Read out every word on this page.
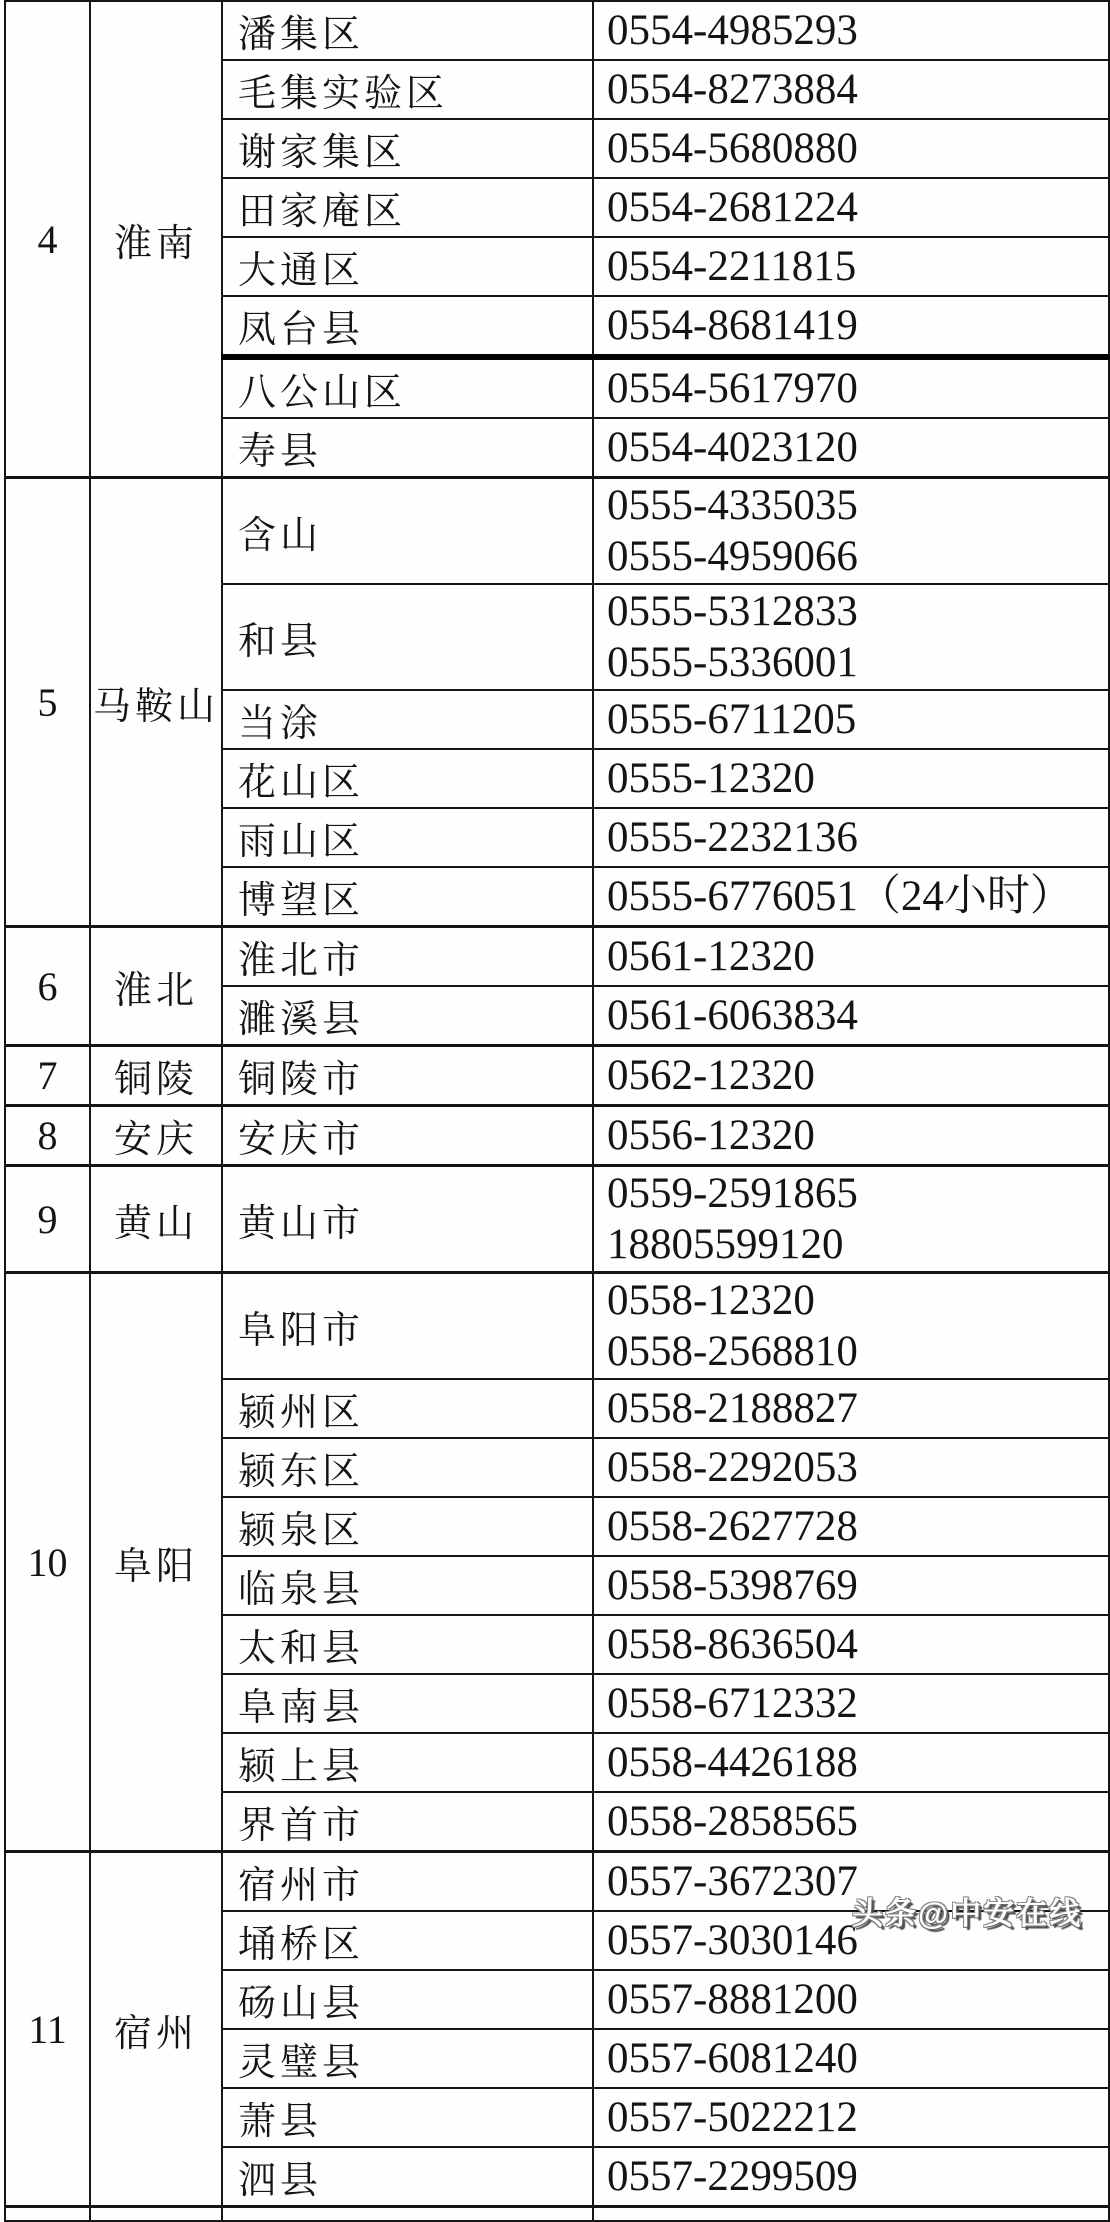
4	淮南	潘集区	0554-4985293

		毛集实验区	0554-8273884

		谢家集区	0554-5680880

		田家庵区	0554-2681224

		大通区	0554-2211815

		凤台县	0554-8681419

		八公山区	0554-5617970

		寿县	0554-4023120

5	马鞍山	含山	0555-4335035
0555-4959066

		和县	0555-5312833
0555-5336001

		当涂	0555-6711205

		花山区	0555-12320

		雨山区	0555-2232136

		博望区	0555-6776051（24小时）

6	淮北	淮北市	0561-12320

		濉溪县	0561-6063834

7	铜陵	铜陵市	0562-12320

8	安庆	安庆市	0556-12320

9	黄山	黄山市	0559-2591865
18805599120

10	阜阳	阜阳市	0558-12320
0558-2568810

		颍州区	0558-2188827

		颍东区	0558-2292053

		颍泉区	0558-2627728

		临泉县	0558-5398769

		太和县	0558-8636504

		阜南县	0558-6712332

		颍上县	0558-4426188

		界首市	0558-2858565

11	宿州	宿州市	0557-3672307

		埇桥区	0557-3030146

		砀山县	0557-8881200

		灵璧县	0557-6081240

		萧县	0557-5022212

		泗县	0557-2299509

头条@中安在线
